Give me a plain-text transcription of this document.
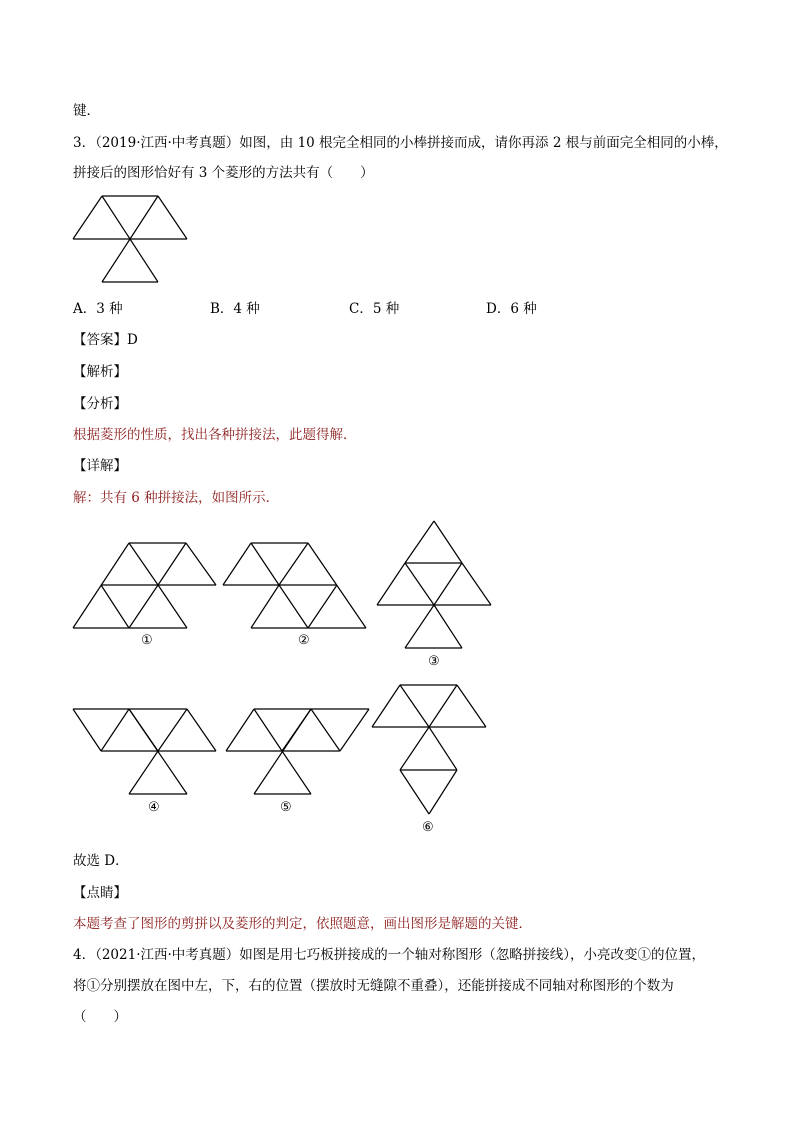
键．
3．（2019·江西·中考真题）如图，由 10 根完全相同的小棒拼接而成，请你再添 2 根与前面完全相同的小棒，
拼接后的图形恰好有 3 个菱形的方法共有（　　）
A．3 种	B．4 种	C．5 种	D．6 种
【答案】D
【解析】
【分析】
根据菱形的性质，找出各种拼接法，此题得解．
【详解】
解：共有 6 种拼接法，如图所示．
①	②
③
④	⑤
⑥
故选 D．
【点睛】
本题考查了图形的剪拼以及菱形的判定，依照题意，画出图形是解题的关键．
4．（2021·江西·中考真题）如图是用七巧板拼接成的一个轴对称图形（忽略拼接线），小亮改变①的位置，
将①分别摆放在图中左，下，右的位置（摆放时无缝隙不重叠），还能拼接成不同轴对称图形的个数为
（　　）
